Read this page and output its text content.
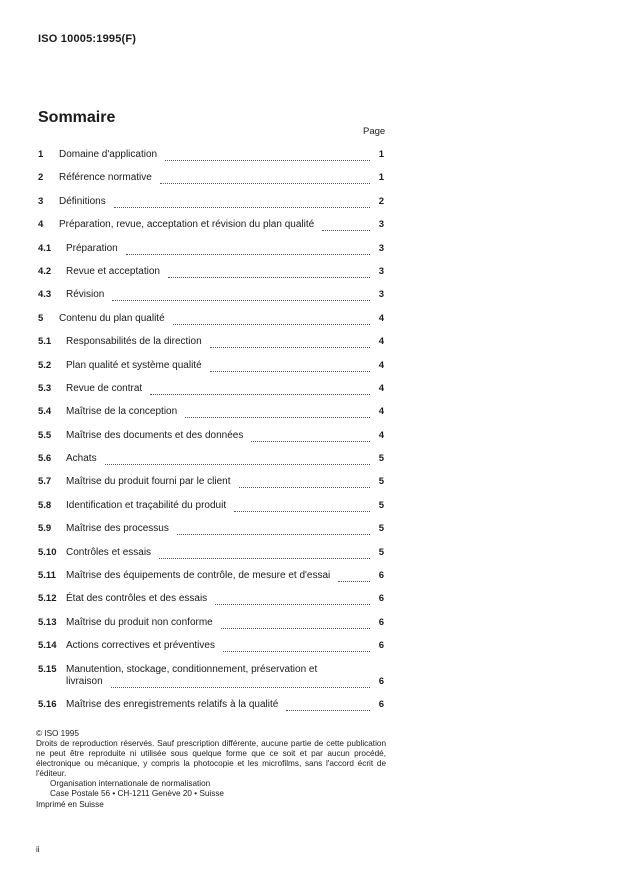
ISO 10005:1995(F)
Sommaire
Page
1 Domaine d'application	1
2 Référence normative	1
3 Définitions	2
4 Préparation, revue, acceptation et révision du plan qualité	3
4.1 Préparation	3
4.2 Revue et acceptation	3
4.3 Révision	3
5 Contenu du plan qualité	4
5.1 Responsabilités de la direction	4
5.2 Plan qualité et système qualité	4
5.3 Revue de contrat	4
5.4 Maîtrise de la conception	4
5.5 Maîtrise des documents et des données	4
5.6 Achats	5
5.7 Maîtrise du produit fourni par le client	5
5.8 Identification et traçabilité du produit	5
5.9 Maîtrise des processus	5
5.10 Contrôles et essais	5
5.11 Maîtrise des équipements de contrôle, de mesure et d'essai	6
5.12 État des contrôles et des essais	6
5.13 Maîtrise du produit non conforme	6
5.14 Actions correctives et préventives	6
5.15 Manutention, stockage, conditionnement, préservation et
livraison	6
5.16 Maîtrise des enregistrements relatifs à la qualité	6

© ISO 1995

Droits de reproduction réservés. Sauf prescription différente, aucune partie de cette publication ne peut être reproduite ni utilisée sous quelque forme que ce soit et par aucun procédé, électronique ou mécanique, y compris la photocopie et les microfilms, sans l'accord écrit de l'éditeur.

Organisation internationale de normalisation

Case Postale 56 • CH-1211 Genève 20 • Suisse

Imprimé en Suisse

ii
